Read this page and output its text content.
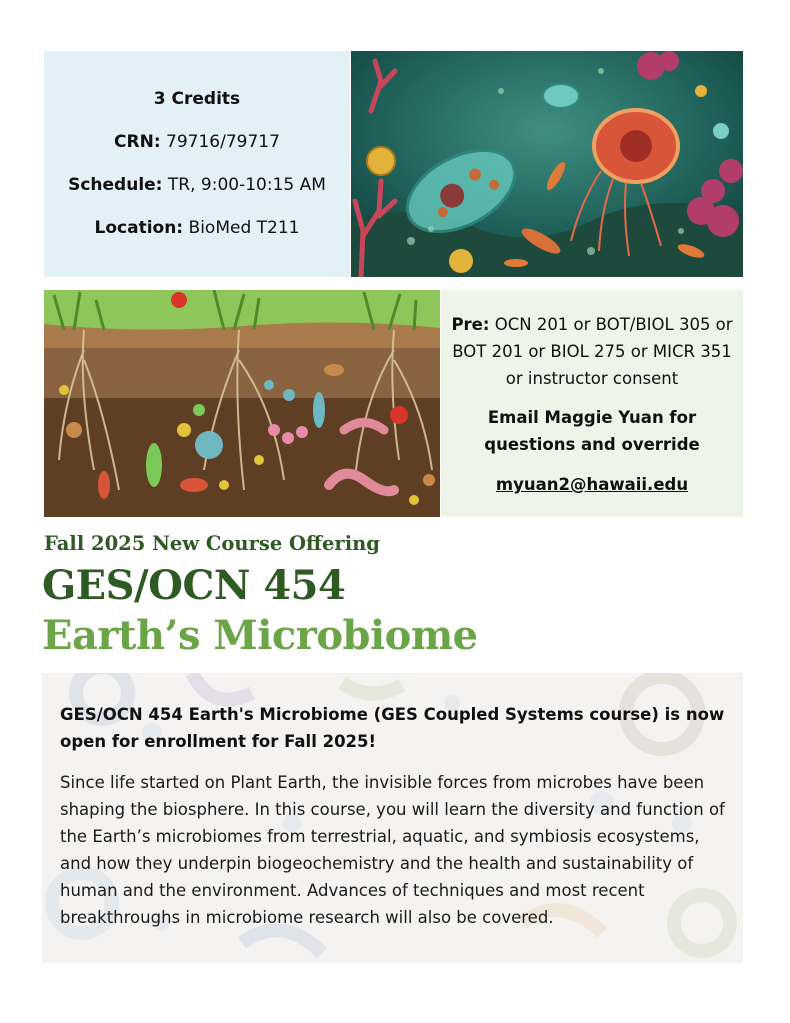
3 Credits
CRN: 79716/79717
Schedule: TR, 9:00-10:15 AM
Location: BioMed T211
Pre: OCN 201 or BOT/BIOL 305 or BOT 201 or BIOL 275 or MICR 351 or instructor consent
Email Maggie Yuan for questions and override
myuan2@hawaii.edu
Fall 2025 New Course Offering
GES/OCN 454
Earth’s Microbiome

GES/OCN 454 Earth's Microbiome (GES Coupled Systems course) is now open for enrollment for Fall 2025!

Since life started on Plant Earth, the invisible forces from microbes have been shaping the biosphere. In this course, you will learn the diversity and function of the Earth’s microbiomes from terrestrial, aquatic, and symbiosis ecosystems, and how they underpin biogeochemistry and the health and sustainability of human and the environment. Advances of techniques and most recent breakthroughs in microbiome research will also be covered.
